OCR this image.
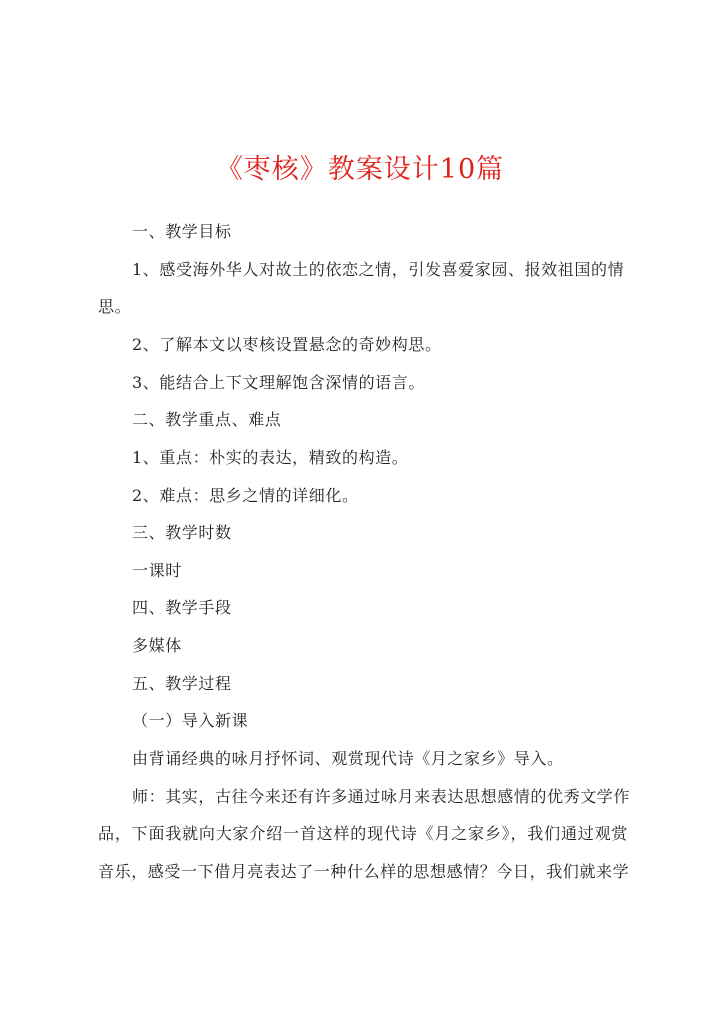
《枣核》教案设计10篇
一、教学目标
1、感受海外华人对故土的依恋之情，引发喜爱家园、报效祖国的情
思。
2、了解本文以枣核设置悬念的奇妙构思。
3、能结合上下文理解饱含深情的语言。
二、教学重点、难点
1、重点：朴实的表达，精致的构造。
2、难点：思乡之情的详细化。
三、教学时数
一课时
四、教学手段
多媒体
五、教学过程
（一）导入新课
由背诵经典的咏月抒怀词、观赏现代诗《月之家乡》导入。
师：其实，古往今来还有许多通过咏月来表达思想感情的优秀文学作
品，下面我就向大家介绍一首这样的现代诗《月之家乡》，我们通过观赏
音乐，感受一下借月亮表达了一种什么样的思想感情？今日，我们就来学
